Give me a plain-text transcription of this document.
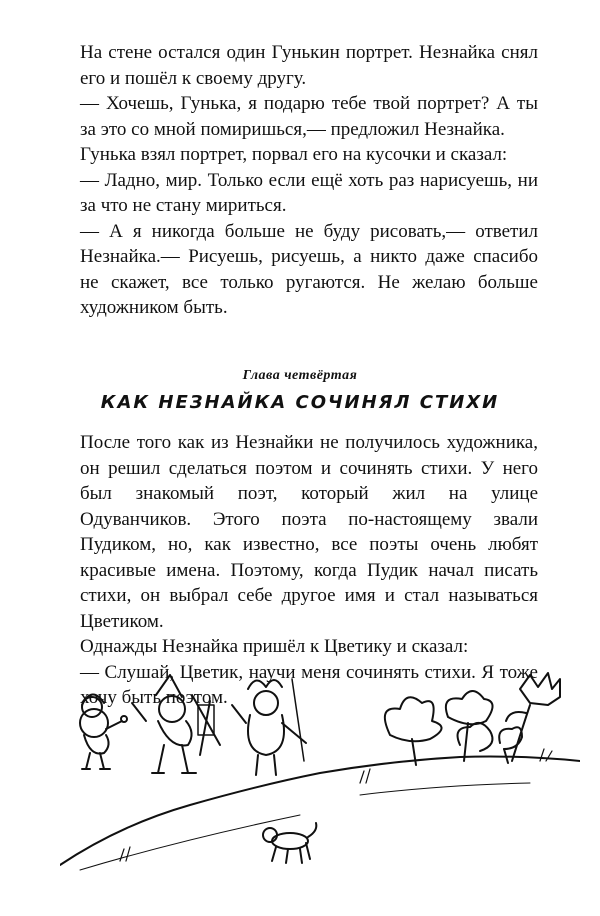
На стене остался один Гунькин портрет. Незнайка снял его и пошёл к своему другу.

— Хочешь, Гунька, я подарю тебе твой портрет? А ты за это со мной помиришься,— предложил Незнайка.

Гунька взял портрет, порвал его на кусочки и сказал:

— Ладно, мир. Только если ещё хоть раз нарисуешь, ни за что не стану мириться.

— А я никогда больше не буду рисовать,— ответил Незнайка.— Рисуешь, рисуешь, а никто даже спасибо не скажет, все только ругаются. Не желаю больше художником быть.

Глава четвёртая
КАК НЕЗНАЙКА СОЧИНЯЛ СТИХИ

После того как из Незнайки не получилось художника, он решил сделаться поэтом и сочинять стихи. У него был знакомый поэт, который жил на улице Одуванчиков. Этого поэта по-настоящему звали Пудиком, но, как известно, все поэты очень любят красивые имена. Поэтому, когда Пудик начал писать стихи, он выбрал себе другое имя и стал называться Цветиком.

Однажды Незнайка пришёл к Цветику и сказал:

— Слушай, Цветик, научи меня сочинять стихи. Я тоже хочу быть поэтом.
